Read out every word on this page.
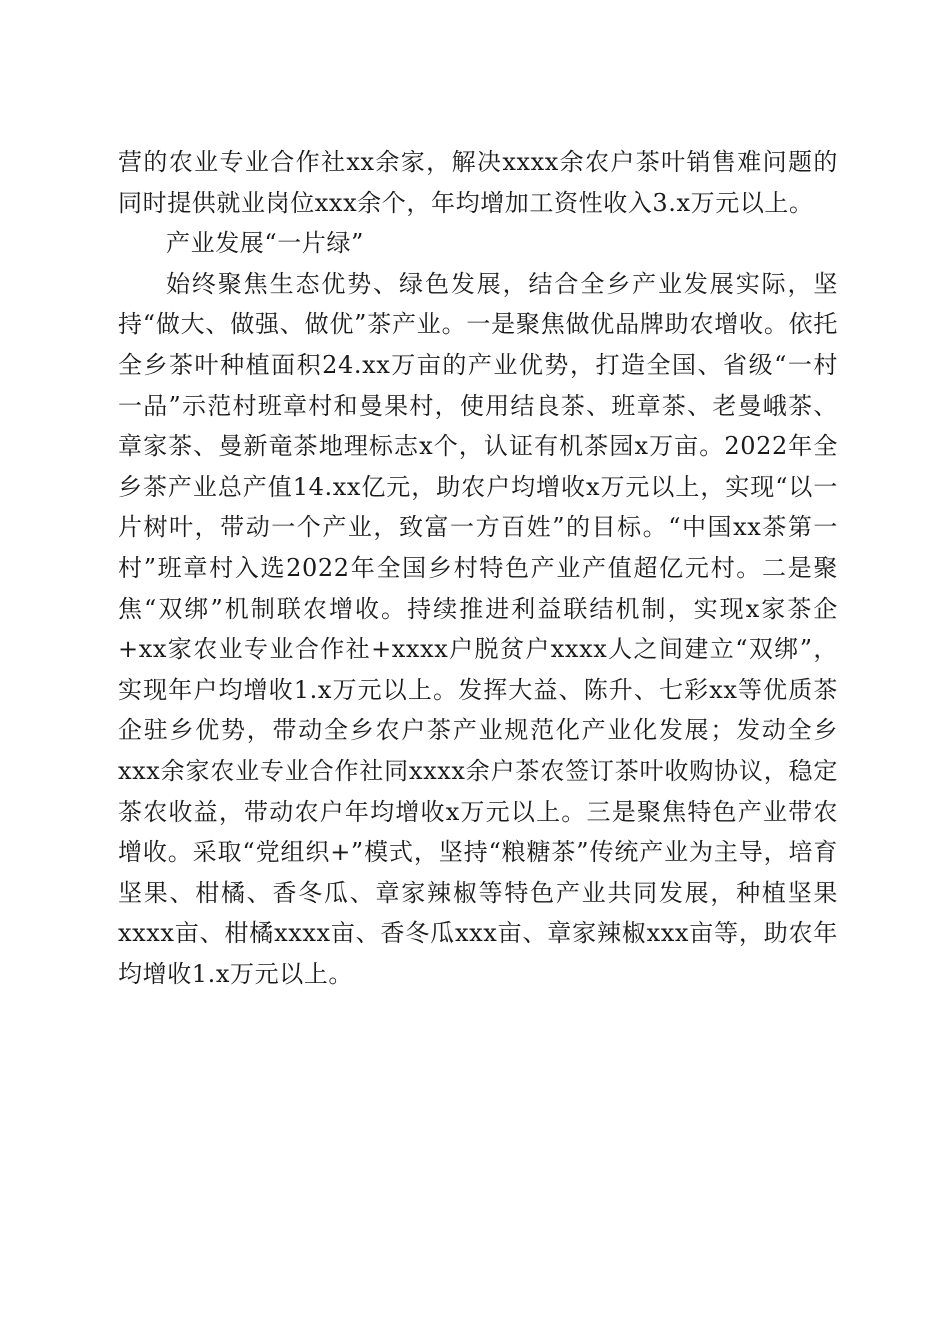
营的农业专业合作社xx余家，解决xxxx余农户茶叶销售难问题的同时提供就业岗位xxx余个，年均增加工资性收入3.x万元以上。

产业发展“一片绿”

始终聚焦生态优势、绿色发展，结合全乡产业发展实际，坚持“做大、做强、做优”茶产业。一是聚焦做优品牌助农增收。依托全乡茶叶种植面积24.xx万亩的产业优势，打造全国、省级“一村一品”示范村班章村和曼果村，使用结良茶、班章茶、老曼峨茶、章家茶、曼新竜茶地理标志x个，认证有机茶园x万亩。2022年全乡茶产业总产值14.xx亿元，助农户均增收x万元以上，实现“以一片树叶，带动一个产业，致富一方百姓”的目标。“中国xx茶第一村”班章村入选2022年全国乡村特色产业产值超亿元村。二是聚焦“双绑”机制联农增收。持续推进利益联结机制，实现x家茶企+xx家农业专业合作社+xxxx户脱贫户xxxx人之间建立“双绑”，实现年户均增收1.x万元以上。发挥大益、陈升、七彩xx等优质茶企驻乡优势，带动全乡农户茶产业规范化产业化发展；发动全乡xxx余家农业专业合作社同xxxx余户茶农签订茶叶收购协议，稳定茶农收益，带动农户年均增收x万元以上。三是聚焦特色产业带农增收。采取“党组织+”模式，坚持“粮糖茶”传统产业为主导，培育坚果、柑橘、香冬瓜、章家辣椒等特色产业共同发展，种植坚果xxxx亩、柑橘xxxx亩、香冬瓜xxx亩、章家辣椒xxx亩等，助农年均增收1.x万元以上。
